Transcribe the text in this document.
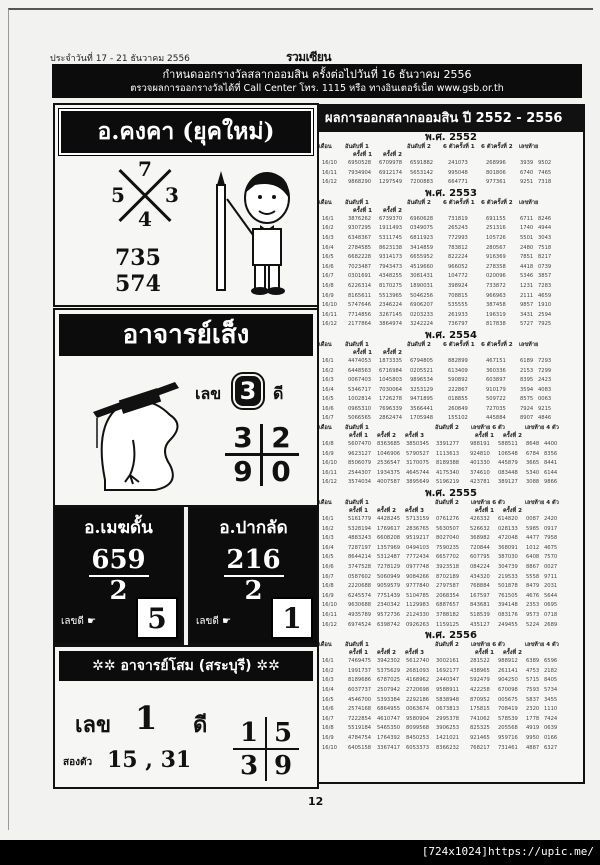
ประจำวันที่ 17 - 21 ธันวาคม 2556	รวมเซียน
กำหนดออกรางวัลสลากออมสิน ครั้งต่อไปวันที่ 16 ธันวาคม 2556
ตรวจผลการออกรางวัลได้ที่ Call Center โทร. 1115 หรือ ทางอินเตอร์เน็ต www.gsb.or.th
อ.คงคา (ยุคใหม่)
7
5 3
4
735
574
อาจารย์เส็ง
เลข 3 ดี
3 2
9 0
อ.เมฆดั้น
659
2
เลขดี ☛	5
อ.ปากลัด
216
2
เลขดี ☛	1
✲✲ อาจารย์โสม (สระบุรี) ✲✲
เลข 1 ดี
สองตัว 15 , 31
1 5
3 9
ผลการออกสลากออมสิน ปี 2552 - 2556
พ.ศ. 2552
เดือน	อันดับที่ 1	อันดับที่ 2	6 ตัวครั้งที่ 1	6 ตัวครั้งที่ 2	เลขท้าย
ครั้งที่ 1	ครั้งที่ 2
16/10	6950528	6709978	6591882	241073	268996	3939 9502
16/11	7934904	6912174	5653142	995048	801806	6740 7465
16/12	9868290	1297549	7200883	664771	977361	9251 7318
พ.ศ. 2553
เดือน	อันดับที่ 1	อันดับที่ 2	6 ตัวครั้งที่ 1	6 ตัวครั้งที่ 2	เลขท้าย
ครั้งที่ 1	ครั้งที่ 2
16/1	3876262	6739370	6960628	731819	691155	6711 8246
16/2	9307295	1911493	0349075	265243	251316	1740 4944
16/3	6348367	5311745	6811923	772993	105726	5501 3043
16/4	2784585	8623138	3414859	783812	280567	2480 7518
16/5	6682228	9314173	6655952	822224	916369	7851 8217
16/6	7023487	7943473	4519660	966052	278358	4418 0739
16/7	0301691	4348255	3081431	104772	020096	5346 3857
16/8	6226314	8170275	1890031	398924	733872	1231 7283
16/9	8165611	5513965	5046256	708815	966963	2111 4659
16/10	5747646	2346224	6906207	535555	387458	9857 1910
16/11	7714856	3267145	0203233	261933	196319	3431 2594
16/12	2177864	3864974	3242224	736797	817838	5727 7925
พ.ศ. 2554
เดือน	อันดับที่ 1	อันดับที่ 2	6 ตัวครั้งที่ 1	6 ตัวครั้งที่ 2	เลขท้าย
ครั้งที่ 1	ครั้งที่ 2
16/1	4474053	1873335	6794805	882899	467151	6189 7293
16/2	6448563	6716984	0205521	613409	360336	2153 7299
16/3	0067403	1045803	9896534	590892	603897	8395 2423
16/4	5346717	7030064	3253129	222867	910179	3594 4083
16/5	1002814	1726278	9471895	018855	509722	8575 0063
16/6	0965310	7696339	3566441	260849	727035	7924 9215
16/7	5066565	2862474	1705948	155102	445884	8907 4846
เดือน	อันดับที่ 1	อันดับที่ 2	เลขท้าย 6 ตัว	เลขท้าย 4 ตัว
ครั้งที่ 1	ครั้งที่ 2	ครั้งที่ 3	ครั้งที่ 1	ครั้งที่ 2
16/8	5607470	8363685	3850345	3391277	988191	588511	8648 4400
16/9	9623127	1046906	5790527	1113613	924810	106548	6784 8356
16/10	8506079	2536547	3170075	8189388	401330	445879	3665 8441
16/11	2544307	1934375	4645744	4175340	374610	083448	5340 6144
16/12	3574034	4007587	3895649	5196219	423781	389127	3088 9866
พ.ศ. 2555
เดือน	อันดับที่ 1	อันดับที่ 2	เลขท้าย 6 ตัว	เลขท้าย 4 ตัว
ครั้งที่ 1	ครั้งที่ 2	ครั้งที่ 3	ครั้งที่ 1	ครั้งที่ 2
16/1	5161779	4428245	5713159	0761276	426332	614820	0087 2420
16/2	5328194	1769617	2836765	5630507	526632	028133	5985 0917
16/3	4883243	6608208	9519217	8027040	368982	472048	4477 7958
16/4	7287197	1357969	0494103	7590235	720844	368091	1012 4675
16/5	8644214	5312487	7772434	6657702	607795	387030	6408 7570
16/6	3747528	7278129	0977748	3923518	084224	304739	8867 0027
16/7	0587602	5060949	9084266	8702189	434320	219533	5558 9711
16/8	2220688	9059579	9777840	2797587	768884	501878	8479 2031
16/9	6245574	7751439	5104785	2068354	167597	761505	4676 5644
16/10	9630688	2340342	1129983	6887657	843681	394148	2353 0695
16/11	4935789	9572736	2124330	3788182	518539	083176	9573 0718
16/12	6974524	6398742	0926263	1159125	435127	249455	5224 2689
พ.ศ. 2556
เดือน	อันดับที่ 1	อันดับที่ 2	เลขท้าย 6 ตัว	เลขท้าย 4 ตัว
ครั้งที่ 1	ครั้งที่ 2	ครั้งที่ 3	ครั้งที่ 1	ครั้งที่ 2
16/1	7469475	3942302	5612740	3002161	281522	988912	6389 6596
16/2	1991737	5375629	2681093	1692177	438965	261141	4753 2182
16/3	8189686	6787025	4168962	2440347	592479	904250	5715 8405
16/4	6037737	2507942	2720698	9588911	422258	670098	7593 5734
16/5	4546700	5393384	2292186	5838948	870952	005675	5837 3455
16/6	2574168	6864955	0063674	0673813	175815	708419	2320 1110
16/7	7222854	4610747	9580904	2995378	741062	578539	1778 7424
16/8	5519184	5465350	8099568	3906253	825325	205568	4919 0639
16/9	4784754	1764392	8450253	1421021	921465	959716	9950 0166
16/10	6405158	3367417	6053373	8366232	768217	731461	4887 6327
12
[724x1024]https://upic.me/
